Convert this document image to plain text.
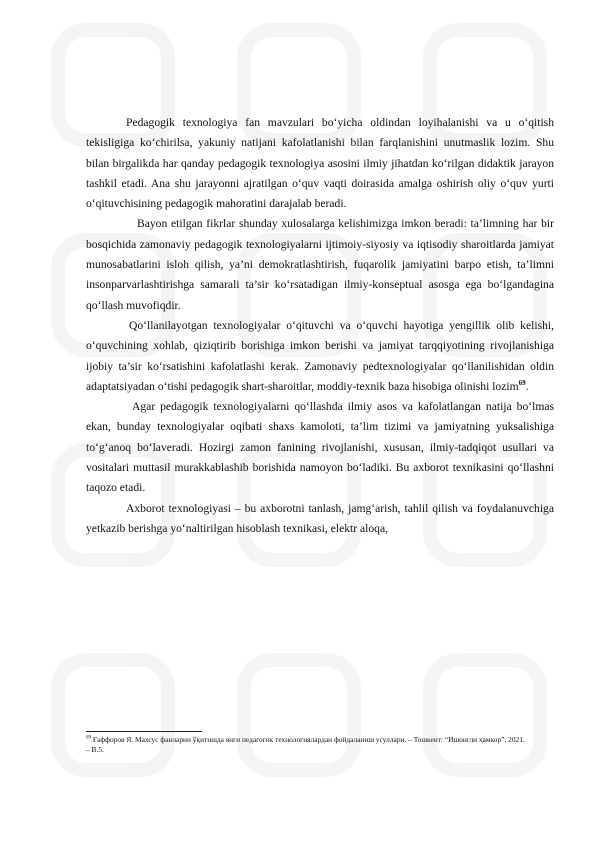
Pedagogik texnologiya fan mavzulari bo‘yicha oldindan loyihalanishi va u o‘qitish tekisligiga ko‘chirilsa, yakuniy natijani kafolatlanishi bilan farqlanishini unutmaslik lozim. Shu bilan birgalikda har qanday pedagogik texnologiya asosini ilmiy jihatdan ko‘rilgan didaktik jarayon tashkil etadi. Ana shu jarayonni ajratilgan o‘quv vaqti doirasida amalga oshirish oliy o‘quv yurti o‘qituvchisining pedagogik mahoratini darajalab beradi.

Bayon etilgan fikrlar shunday xulosalarga kelishimizga imkon beradi: ta’limning har bir bosqichida zamonaviy pedagogik texnologiyalarni ijtimoiy-siyosiy va iqtisodiy sharoitlarda jamiyat munosabatlarini isloh qilish, ya’ni demokratlashtirish, fuqarolik jamiyatini barpo etish, ta’limni insonparvarlashtirishga samarali ta’sir ko‘rsatadigan ilmiy-konseptual asosga ega bo‘lgandagina qo‘llash muvofiqdir.

Qo‘llanilayotgan texnologiyalar o‘qituvchi va o‘quvchi hayotiga yengillik olib kelishi, o‘quvchining xohlab, qiziqtirib borishiga imkon berishi va jamiyat tarqqiyotining rivojlanishiga ijobiy ta’sir ko‘rsatishini kafolatlashi kerak. Zamonaviy pedtexnologiyalar qo‘llanilishidan oldin adaptatsiyadan o‘tishi pedagogik shart-sharoitlar, moddiy-texnik baza hisobiga olinishi lozim$^{69}$.

Agar pedagogik texnologiyalarni qo‘llashda ilmiy asos va kafolatlangan natija bo‘lmas ekan, bunday texnologiyalar oqibati shaxs kamoloti, ta’lim tizimi va jamiyatning yuksalishiga to‘g‘anoq bo‘laveradi. Hozirgi zamon fanining rivojlanishi, xususan, ilmiy-tadqiqot usullari va vositalari muttasil murakkablashib borishida namoyon bo‘ladiki. Bu axborot texnikasini qo‘llashni taqozo etadi.

Axborot texnologiyasi – bu axborotni tanlash, jamg‘arish, tahlil qilish va foydalanuvchiga yetkazib berishga yo‘naltirilgan hisoblash texnikasi, elektr aloqa,

$^{69}$ Ғаффоров Я. Махсус фанларни ўқитишда янги педагогик технологиялардан фойдаланиш усуллари. – Тошкент: “Ишонгли ҳамкор”, 2021. – В.5.
